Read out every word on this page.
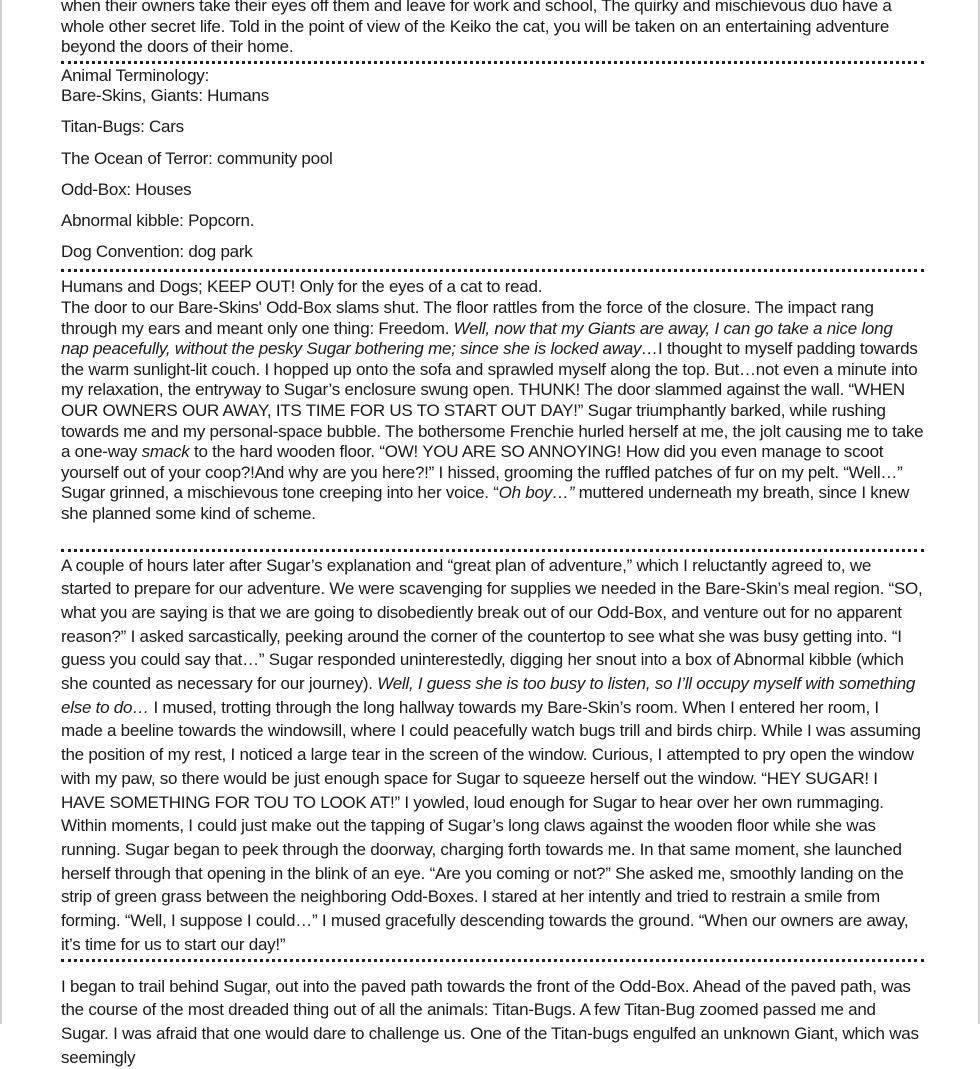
when their owners take their eyes off them and leave for work and school, The quirky and mischievous duo have a whole other secret life. Told in the point of view of the Keiko the cat, you will be taken on an entertaining adventure beyond the doors of their home.

Animal Terminology:

Bare-Skins, Giants: Humans

Titan-Bugs: Cars

The Ocean of Terror: community pool

Odd-Box: Houses

Abnormal kibble: Popcorn.

Dog Convention: dog park

Humans and Dogs; KEEP OUT! Only for the eyes of a cat to read.

The door to our Bare-Skins' Odd-Box slams shut. The floor rattles from the force of the closure. The impact rang through my ears and meant only one thing: Freedom. Well, now that my Giants are away, I can go take a nice long nap peacefully, without the pesky Sugar bothering me; since she is locked away…I thought to myself padding towards the warm sunlight-lit couch. I hopped up onto the sofa and sprawled myself along the top. But…not even a minute into my relaxation, the entryway to Sugar’s enclosure swung open. THUNK! The door slammed against the wall. “WHEN OUR OWNERS OUR AWAY, ITS TIME FOR US TO START OUT DAY!” Sugar triumphantly barked, while rushing towards me and my personal-space bubble. The bothersome Frenchie hurled herself at me, the jolt causing me to take a one-way smack to the hard wooden floor. “OW! YOU ARE SO ANNOYING! How did you even manage to scoot yourself out of your coop?!And why are you here?!” I hissed, grooming the ruffled patches of fur on my pelt. “Well…” Sugar grinned, a mischievous tone creeping into her voice. “Oh boy…” muttered underneath my breath, since I knew she planned some kind of scheme.

A couple of hours later after Sugar’s explanation and “great plan of adventure,” which I reluctantly agreed to, we started to prepare for our adventure. We were scavenging for supplies we needed in the Bare-Skin’s meal region. “SO, what you are saying is that we are going to disobediently break out of our Odd-Box, and venture out for no apparent reason?” I asked sarcastically, peeking around the corner of the countertop to see what she was busy getting into. “I guess you could say that…” Sugar responded uninterestedly, digging her snout into a box of Abnormal kibble (which she counted as necessary for our journey). Well, I guess she is too busy to listen, so I’ll occupy myself with something else to do… I mused, trotting through the long hallway towards my Bare-Skin’s room. When I entered her room, I made a beeline towards the windowsill, where I could peacefully watch bugs trill and birds chirp. While I was assuming the position of my rest, I noticed a large tear in the screen of the window. Curious, I attempted to pry open the window with my paw, so there would be just enough space for Sugar to squeeze herself out the window. “HEY SUGAR! I HAVE SOMETHING FOR TOU TO LOOK AT!” I yowled, loud enough for Sugar to hear over her own rummaging. Within moments, I could just make out the tapping of Sugar’s long claws against the wooden floor while she was running. Sugar began to peek through the doorway, charging forth towards me. In that same moment, she launched herself through that opening in the blink of an eye. “Are you coming or not?” She asked me, smoothly landing on the strip of green grass between the neighboring Odd-Boxes. I stared at her intently and tried to restrain a smile from forming. “Well, I suppose I could…” I mused gracefully descending towards the ground. “When our owners are away, it’s time for us to start our day!”

I began to trail behind Sugar, out into the paved path towards the front of the Odd-Box. Ahead of the paved path, was the course of the most dreaded thing out of all the animals: Titan-Bugs. A few Titan-Bug zoomed passed me and Sugar. I was afraid that one would dare to challenge us. One of the Titan-bugs engulfed an unknown Giant, which was seemingly
